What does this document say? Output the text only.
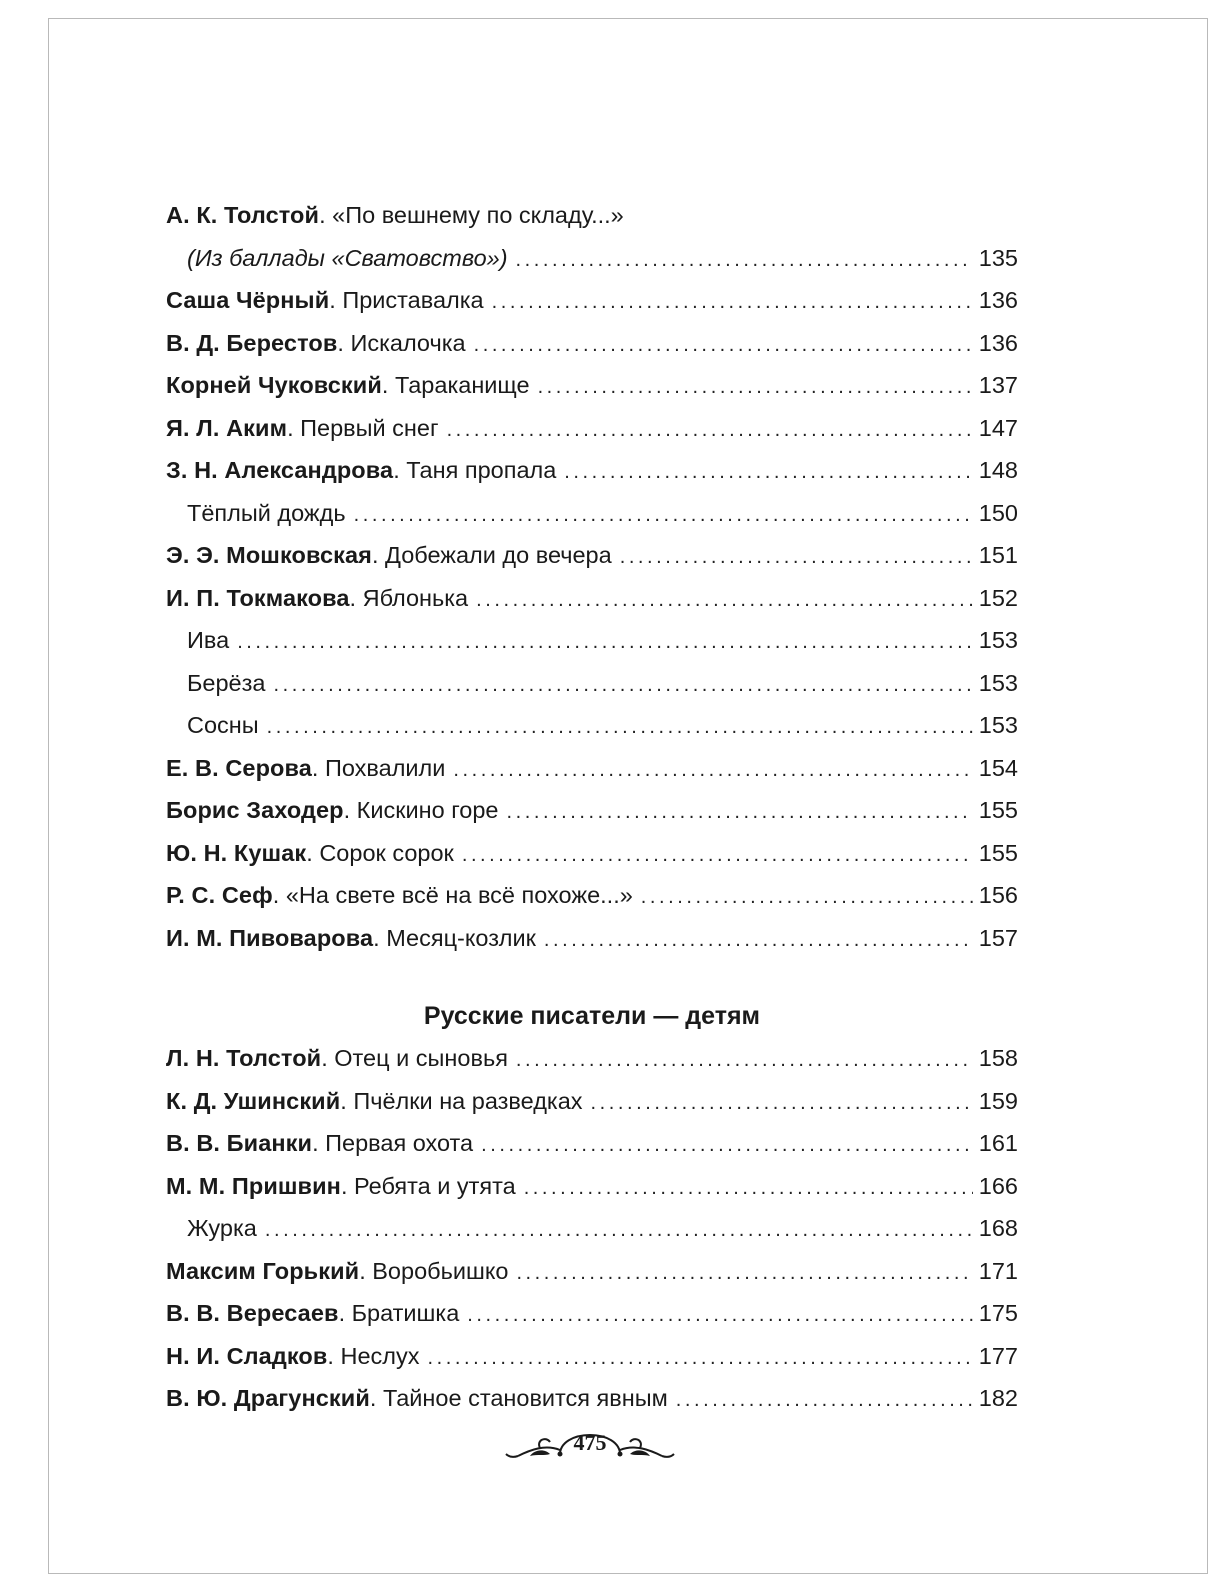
А. К. Толстой . «По вешнему по складу...»
(Из баллады «Сватовство») . . .	135
Саша Чёрный . Приставалка . . .	136
В. Д. Берестов . Искалочка . . .	136
Корней Чуковский . Тараканище . . .	137
Я. Л. Аким . Первый снег . . .	147
З. Н. Александрова . Таня пропала . . .	148
Тёплый дождь . . .	150
Э. Э. Мошковская . Добежали до вечера . . .	151
И. П. Токмакова . Яблонька . . .	152
Ива . . .	153
Берёза . . .	153
Сосны . . .	153
Е. В. Серова . Похвалили . . .	154
Борис Заходер . Кискино горе . . .	155
Ю. Н. Кушак . Сорок сорок . . .	155
Р. С. Сеф . «На свете всё на всё похоже...» . . .	156
И. М. Пивоварова . Месяц-козлик . . .	157
Русские писатели — детям
Л. Н. Толстой . Отец и сыновья . . .	158
К. Д. Ушинский . Пчёлки на разведках . . .	159
В. В. Бианки . Первая охота . . .	161
М. М. Пришвин . Ребята и утята . . .	166
Журка . . .	168
Максим Горький . Воробьишко . . .	171
В. В. Вересаев . Братишка . . .	175
Н. И. Сладков . Неслух . . .	177
В. Ю. Драгунский . Тайное становится явным . . .	182
475
